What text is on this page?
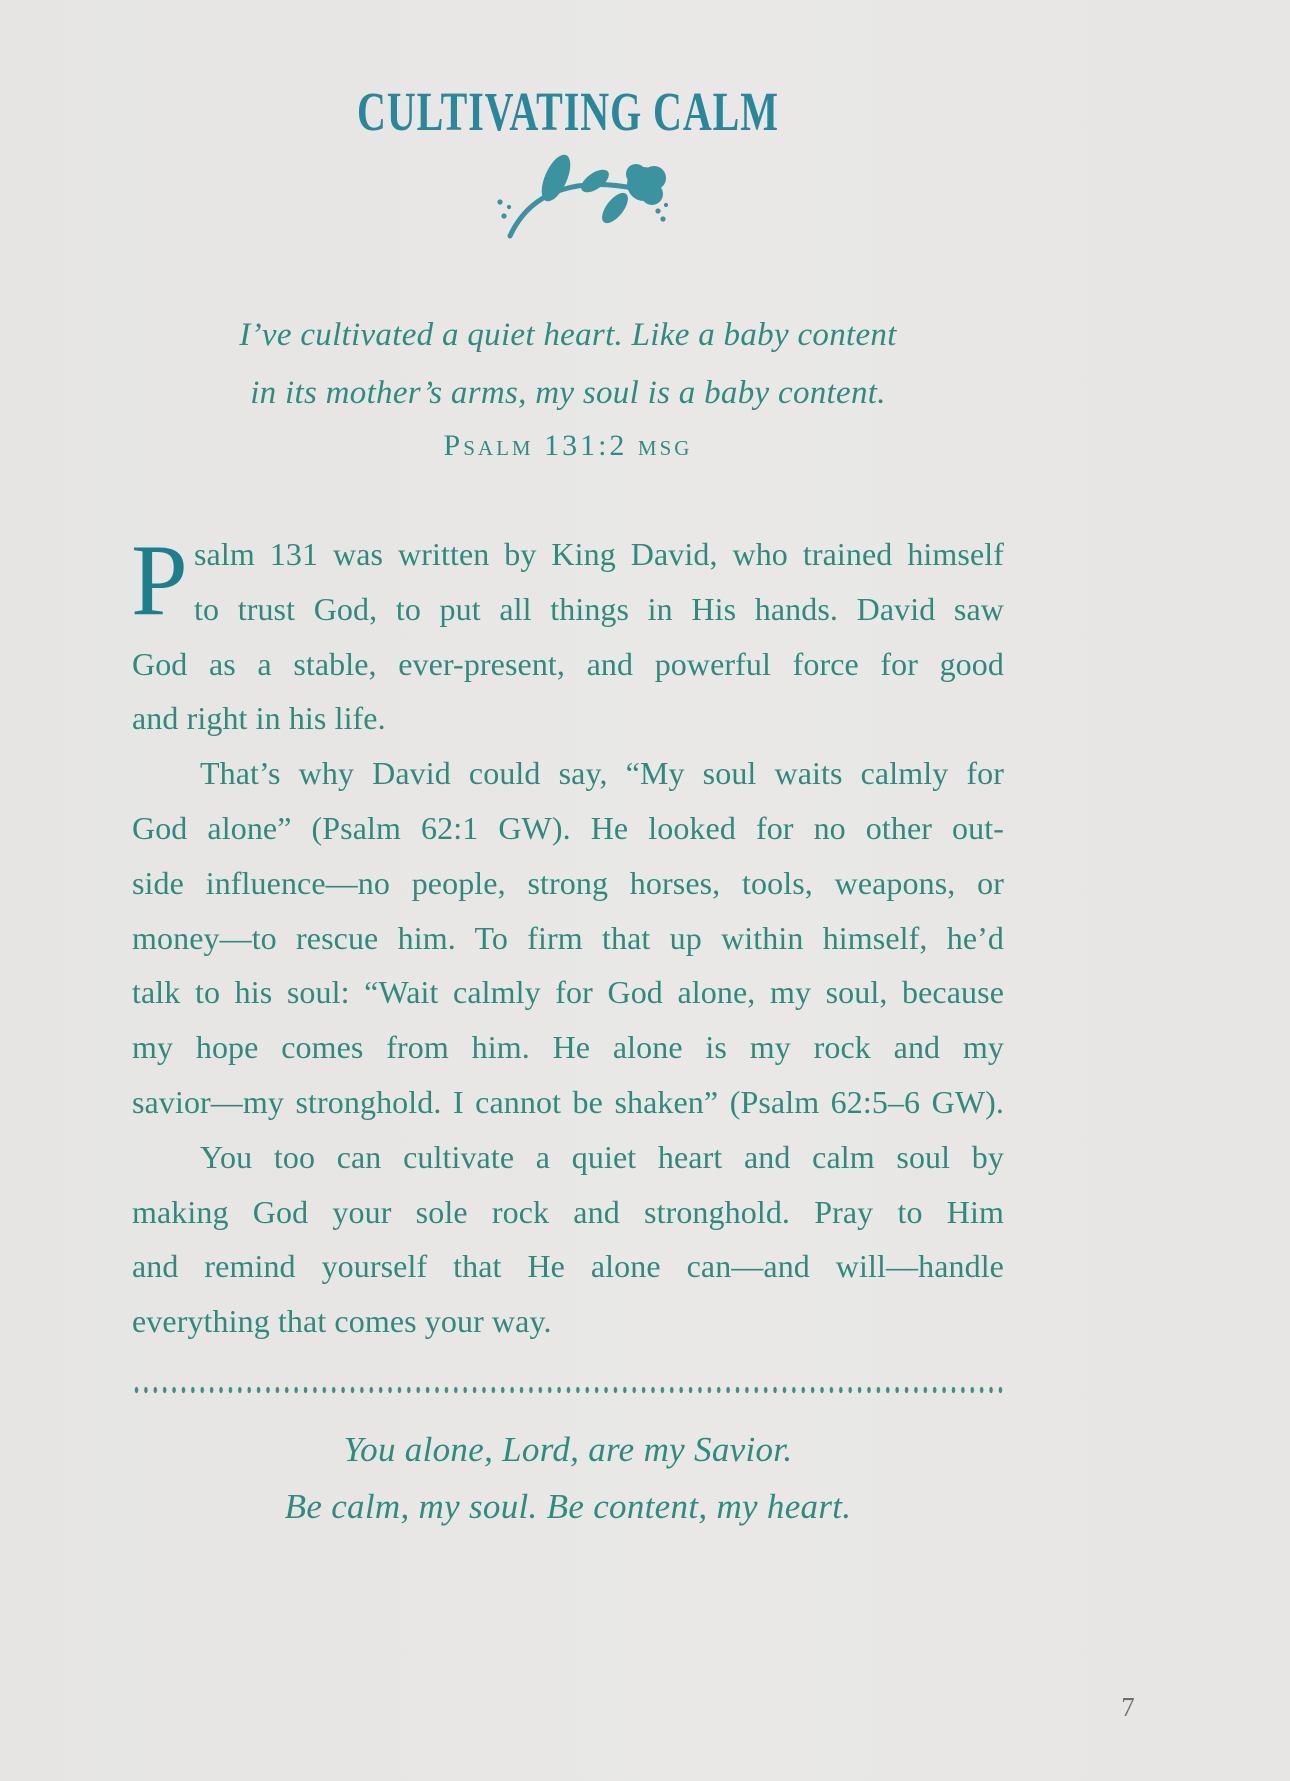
CULTIVATING CALM
I’ve cultivated a quiet heart. Like a baby content
in its mother’s arms, my soul is a baby content.
Psalm 131:2 msg
P salm 131 was written by King David, who trained himself
to trust God, to put all things in His hands. David saw
God as a stable, ever-present, and powerful force for good
and right in his life.
That’s why David could say, “My soul waits calmly for
God alone” (Psalm 62:1 GW). He looked for no other out-
side influence—no people, strong horses, tools, weapons, or
money—to rescue him. To firm that up within himself, he’d
talk to his soul: “Wait calmly for God alone, my soul, because
my hope comes from him. He alone is my rock and my
savior—my stronghold. I cannot be shaken” (Psalm 62:5–6 GW).
You too can cultivate a quiet heart and calm soul by
making God your sole rock and stronghold. Pray to Him
and remind yourself that He alone can—and will—handle
everything that comes your way.
You alone, Lord, are my Savior.
Be calm, my soul. Be content, my heart.
7
